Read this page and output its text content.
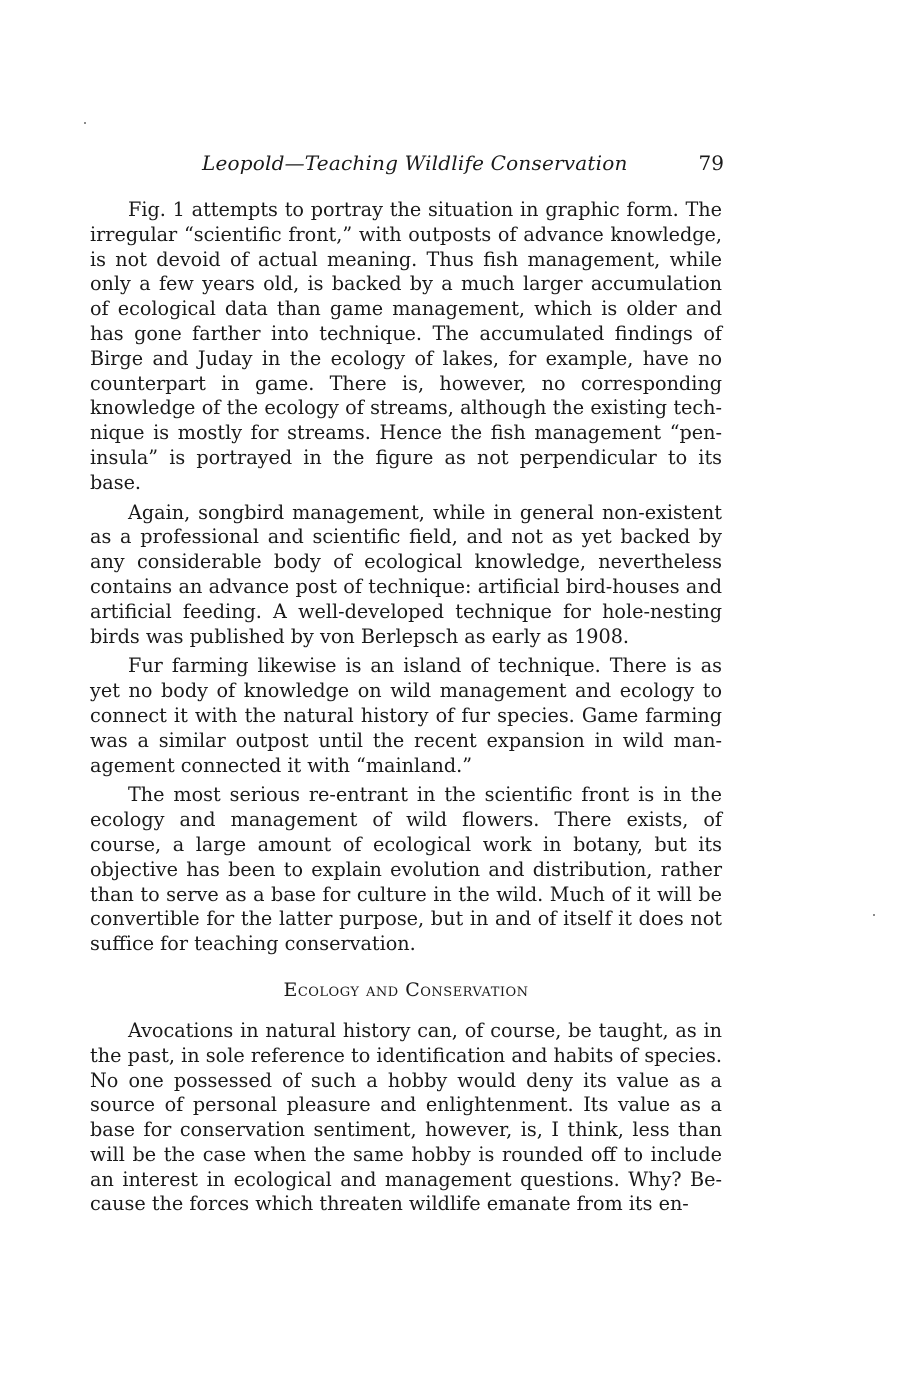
Leopold—Teaching Wildlife Conservation	79

Fig. 1 attempts to portray the situation in graphic form. The irregular “scientific front,” with outposts of advance knowledge, is not devoid of actual meaning. Thus fish management, while only a few years old, is backed by a much larger accumulation of ecological data than game management, which is older and has gone farther into technique. The accumulated findings of Birge and Juday in the ecology of lakes, for example, have no counterpart in game. There is, however, no corresponding knowledge of the ecology of streams, although the existing technique is mostly for streams. Hence the fish management “peninsula” is portrayed in the figure as not perpendicular to its base.

Again, songbird management, while in general non-existent as a professional and scientific field, and not as yet backed by any considerable body of ecological knowledge, nevertheless contains an advance post of technique: artificial bird-houses and artificial feeding. A well-developed technique for hole-nesting birds was published by von Berlepsch as early as 1908.

Fur farming likewise is an island of technique. There is as yet no body of knowledge on wild management and ecology to connect it with the natural history of fur species. Game farming was a similar outpost until the recent expansion in wild management connected it with “mainland.”

The most serious re-entrant in the scientific front is in the ecology and management of wild flowers. There exists, of course, a large amount of ecological work in botany, but its objective has been to explain evolution and distribution, rather than to serve as a base for culture in the wild. Much of it will be convertible for the latter purpose, but in and of itself it does not suffice for teaching conservation.

Ecology and Conservation

Avocations in natural history can, of course, be taught, as in the past, in sole reference to identification and habits of species. No one possessed of such a hobby would deny its value as a source of personal pleasure and enlightenment. Its value as a base for conservation sentiment, however, is, I think, less than will be the case when the same hobby is rounded off to include an interest in ecological and management questions. Why? Because the forces which threaten wildlife emanate from its en-
